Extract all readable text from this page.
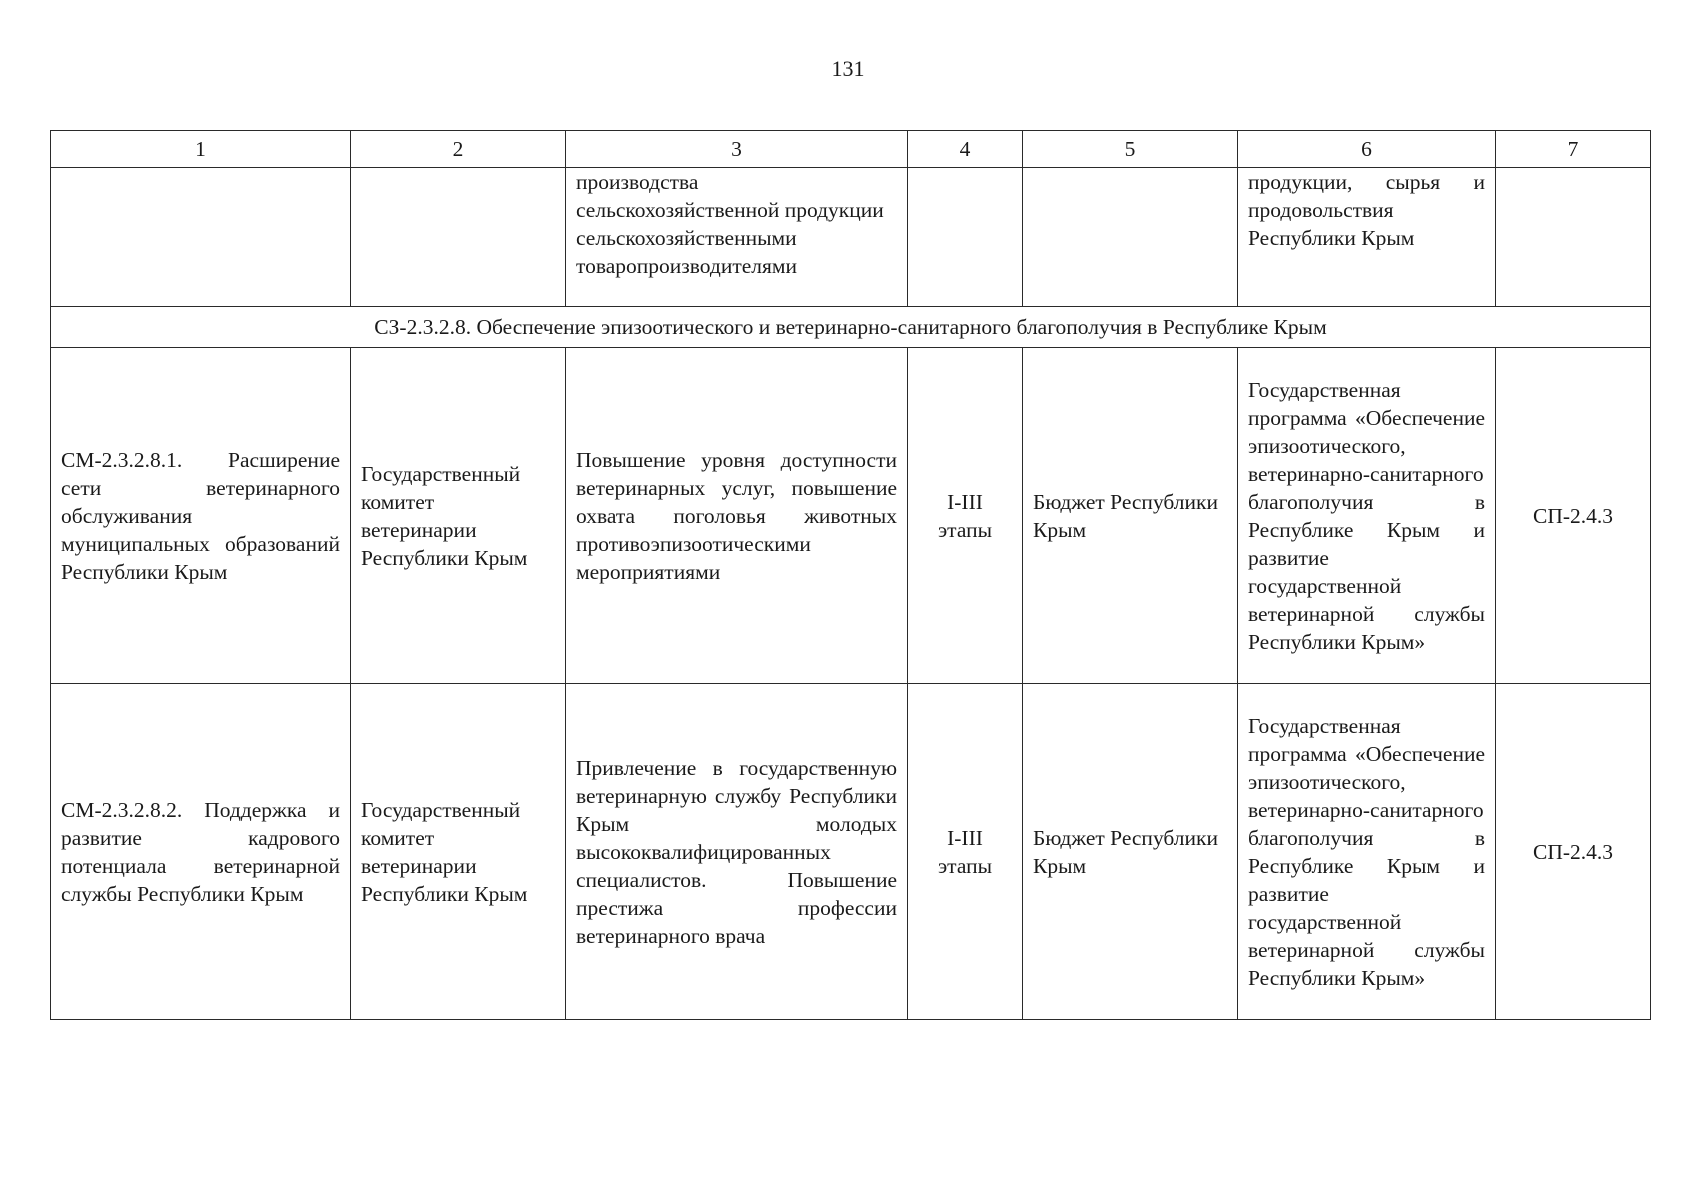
131
1	2	3	4	5	6	7

		производства сельскохозяйственной продукции сельскохозяйственными товаропроизводителями			продукции, сырья и продовольствия Республики Крым	

СЗ-2.3.2.8. Обеспечение эпизоотического и ветеринарно-санитарного благополучия в Республике Крым						
СМ-2.3.2.8.1. Расширение сети ветеринарного обслуживания муниципальных образований Республики Крым	Государственный комитет ветеринарии Республики Крым	Повышение уровня доступности ветеринарных услуг, повышение охвата поголовья животных противоэпизоотическими мероприятиями	I-III этапы	Бюджет Республики Крым	Государственная программа «Обеспечение эпизоотического, ветеринарно-санитарного благополучия в Республике Крым и развитие государственной ветеринарной службы Республики Крым»	СП-2.4.3
СМ-2.3.2.8.2. Поддержка и развитие кадрового потенциала ветеринарной службы Республики Крым	Государственный комитет ветеринарии Республики Крым	Привлечение в государственную ветеринарную службу Республики Крым молодых высококвалифицированных специалистов. Повышение престижа профессии ветеринарного врача	I-III этапы	Бюджет Республики Крым	Государственная программа «Обеспечение эпизоотического, ветеринарно-санитарного благополучия в Республике Крым и развитие государственной ветеринарной службы Республики Крым»	СП-2.4.3
